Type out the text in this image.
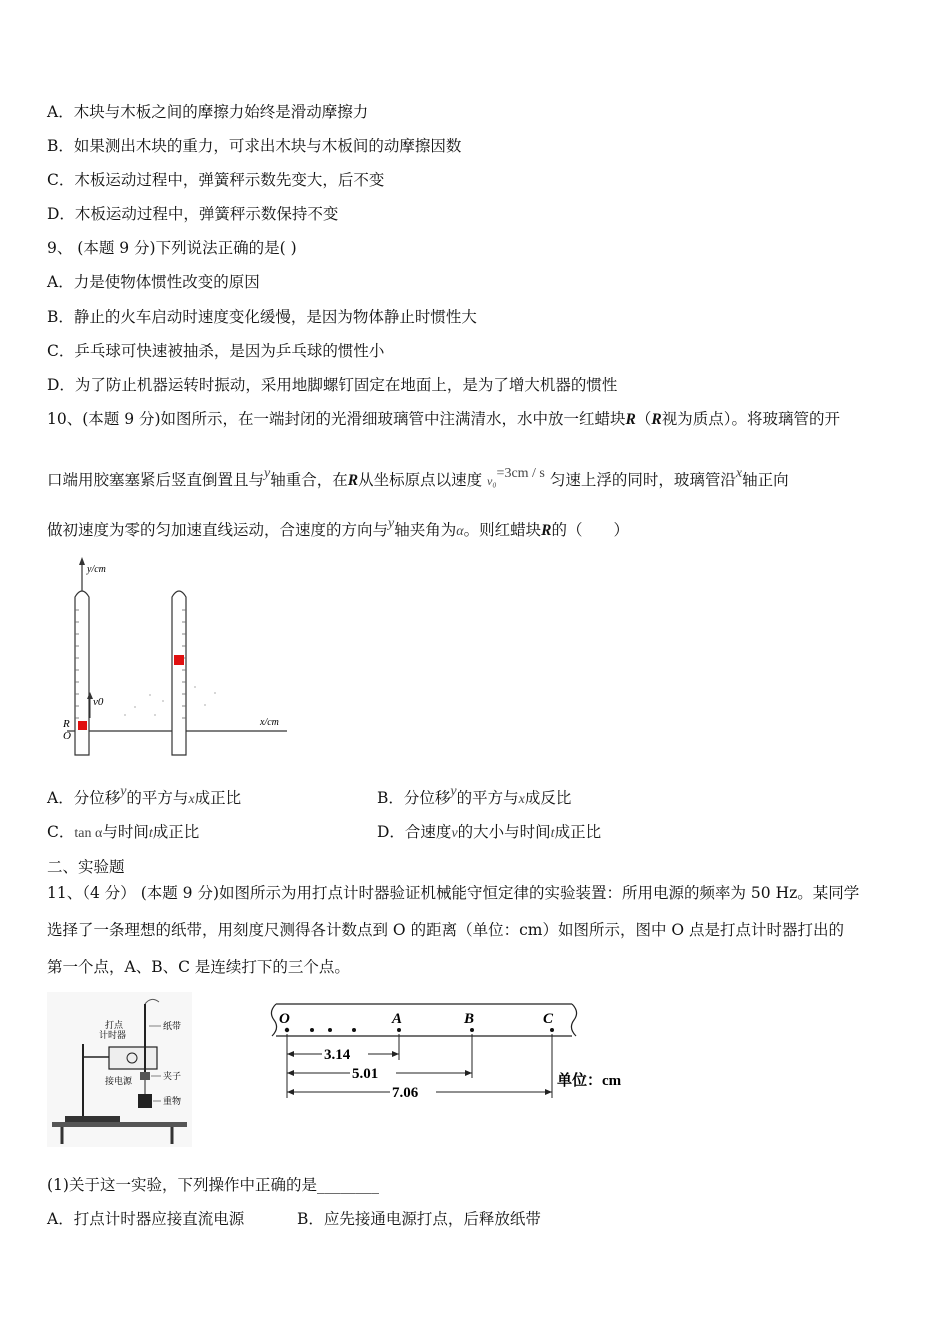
A．木块与木板之间的摩擦力始终是滑动摩擦力
B．如果测出木块的重力，可求出木块与木板间的动摩擦因数
C．木板运动过程中，弹簧秤示数先变大，后不变
D．木板运动过程中，弹簧秤示数保持不变
9、 (本题 9 分)下列说法正确的是( )
A．力是使物体惯性改变的原因
B．静止的火车启动时速度变化缓慢，是因为物体静止时惯性大
C．乒乓球可快速被抽杀，是因为乒乓球的惯性小
D．为了防止机器运转时振动，采用地脚螺钉固定在地面上，是为了增大机器的惯性
10、(本题 9 分)如图所示，在一端封闭的光滑细玻璃管中注满清水，水中放一红蜡块R（R视为质点）。将玻璃管的开
口端用胶塞塞紧后竖直倒置且与y轴重合，在R从坐标原点以速度 v₀=3cm / s 匀速上浮的同时，玻璃管沿x轴正向
做初速度为零的匀加速直线运动，合速度的方向与y轴夹角为α。则红蜡块R的（　　）
y/cm
x/cm
v0
R
O
A．分位移y的平方与x成正比	B．分位移y的平方与x成反比
C．tan α与时间t成正比	D．合速度v的大小与时间t成正比
二、实验题
11、（4 分） (本题 9 分)如图所示为用打点计时器验证机械能守恒定律的实验装置：所用电源的频率为 50 Hz。某同学
选择了一条理想的纸带，用刻度尺测得各计数点到 O 的距离（单位：cm）如图所示，图中 O 点是打点计时器打出的
第一个点，A、B、C 是连续打下的三个点。
打点
计时器
纸带
接电源	夹子
重物
O	A	B	C
3.14
5.01
7.06
单位：cm
(1)关于这一实验，下列操作中正确的是________
A．打点计时器应接直流电源	B．应先接通电源打点，后释放纸带
